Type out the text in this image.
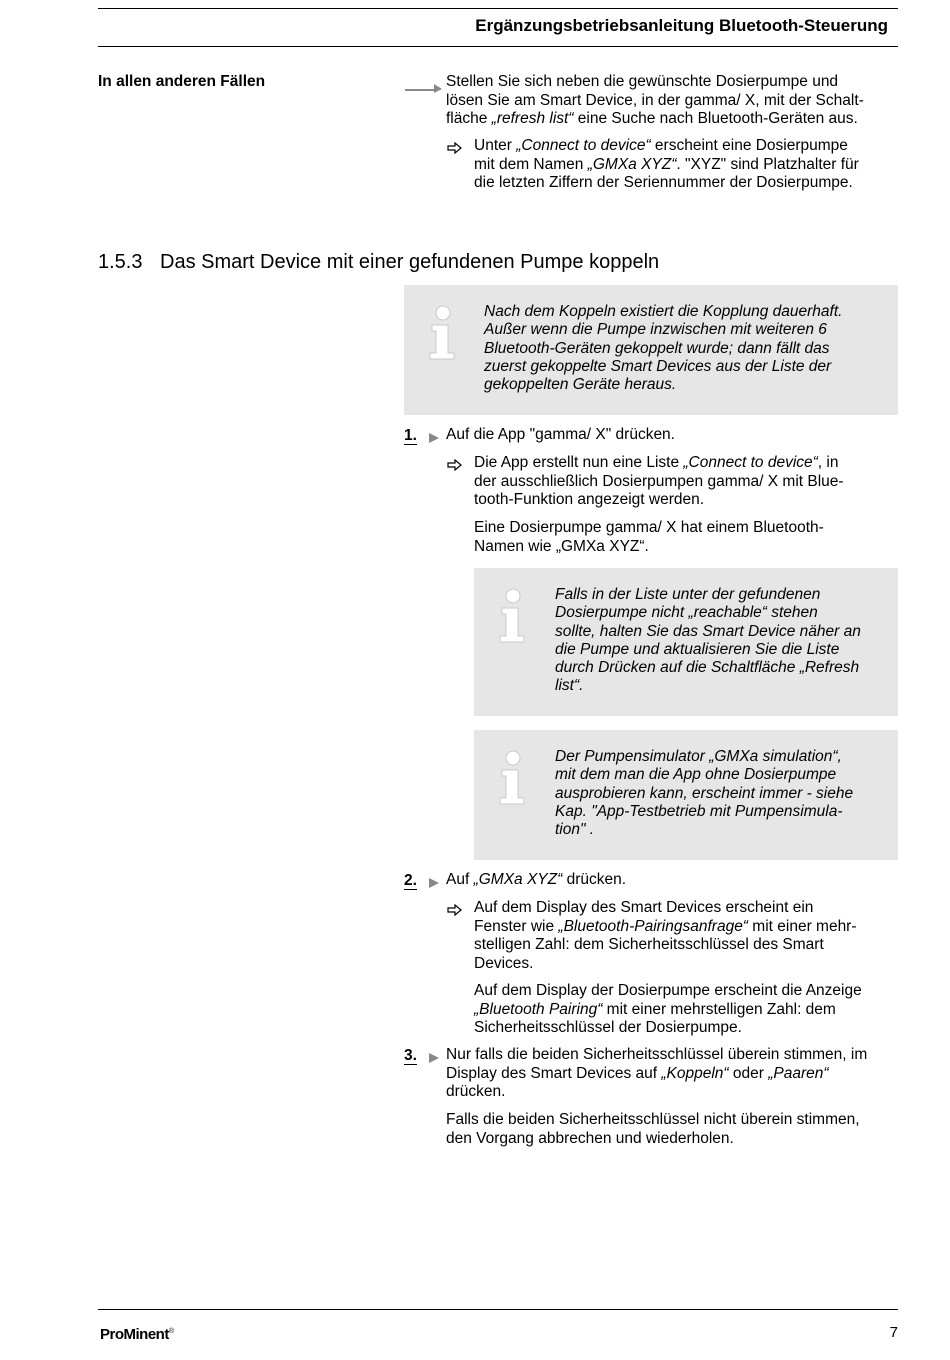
Ergänzungsbetriebsanleitung Bluetooth-Steuerung
In allen anderen Fällen	Stellen Sie sich neben die gewünschte Dosierpumpe und
lösen Sie am Smart Device, in der gamma/ X, mit der Schalt-
fläche „refresh list“ eine Suche nach Bluetooth-Geräten aus.
Unter „Connect to device“ erscheint eine Dosierpumpe
mit dem Namen „GMXa XYZ“. "XYZ" sind Platzhalter für
die letzten Ziffern der Seriennummer der Dosierpumpe.
1.5.3 Das Smart Device mit einer gefundenen Pumpe koppeln
Nach dem Koppeln existiert die Kopplung dauerhaft.
Außer wenn die Pumpe inzwischen mit weiteren 6
Bluetooth-Geräten gekoppelt wurde; dann fällt das
zuerst gekoppelte Smart Devices aus der Liste der
gekoppelten Geräte heraus.
1. Auf die App "gamma/ X" drücken.
Die App erstellt nun eine Liste „Connect to device“, in
der ausschließlich Dosierpumpen gamma/ X mit Blue-
tooth-Funktion angezeigt werden.
Eine Dosierpumpe gamma/ X hat einem Bluetooth-
Namen wie „GMXa XYZ“.
Falls in der Liste unter der gefundenen
Dosierpumpe nicht „reachable“ stehen
sollte, halten Sie das Smart Device näher an
die Pumpe und aktualisieren Sie die Liste
durch Drücken auf die Schaltfläche „Refresh
list“.
Der Pumpensimulator „GMXa simulation“,
mit dem man die App ohne Dosierpumpe
ausprobieren kann, erscheint immer - siehe
Kap. "App-Testbetrieb mit Pumpensimula-
tion" .
2. Auf „GMXa XYZ“ drücken.
Auf dem Display des Smart Devices erscheint ein
Fenster wie „Bluetooth-Pairingsanfrage“ mit einer mehr-
stelligen Zahl: dem Sicherheitsschlüssel des Smart
Devices.
Auf dem Display der Dosierpumpe erscheint die Anzeige
„Bluetooth Pairing“ mit einer mehrstelligen Zahl: dem
Sicherheitsschlüssel der Dosierpumpe.
3. Nur falls die beiden Sicherheitsschlüssel überein stimmen, im
Display des Smart Devices auf „Koppeln“ oder „Paaren“
drücken.
Falls die beiden Sicherheitsschlüssel nicht überein stimmen,
den Vorgang abbrechen und wiederholen.
ProMinent®	7
